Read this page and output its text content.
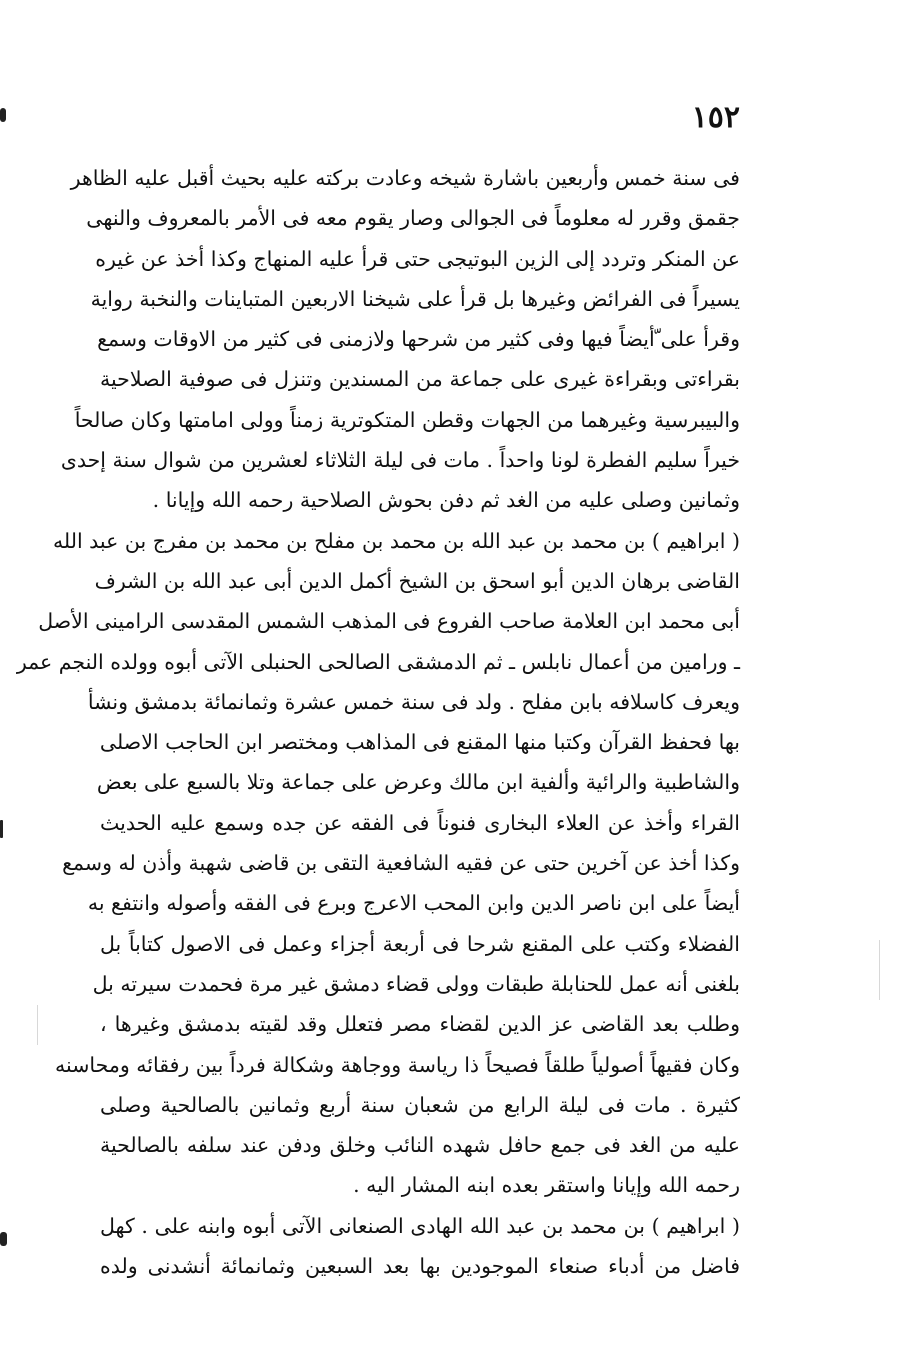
١٥٢
فى سنة خمس وأربعين باشارة شيخه وعادت بركته عليه بحيث أقبل عليه الظاهر
جقمق وقرر له معلوماً فى الجوالى وصار يقوم معه فى الأمر بالمعروف والنهى
عن المنكر وتردد إلى الزين البوتيجى حتى قرأ عليه المنهاج وكذا أخذ عن غيره
يسيراً فى الفرائض وغيرها بل قرأ على شيخنا الاربعين المتباينات والنخبة رواية
وقرأ على ّأيضاً فيها وفى كثير من شرحها ولازمنى فى كثير من الاوقات وسمع
بقراءتى وبقراءة غيرى على جماعة من المسندين وتنزل فى صوفية الصلاحية
والبيبرسية وغيرهما من الجهات وقطن المتكوترية زمناً وولى امامتها وكان صالحاً
خيراً سليم الفطرة لونا واحداً . مات فى ليلة الثلاثاء لعشرين من شوال سنة إحدى
وثمانين وصلى عليه من الغد ثم دفن بحوش الصلاحية رحمه الله وإيانا .
( ابراهيم ) بن محمد بن عبد الله بن محمد بن مفلح بن محمد بن مفرج بن عبد الله
القاضى برهان الدين أبو اسحق بن الشيخ أكمل الدين أبى عبد الله بن الشرف
أبى محمد ابن العلامة صاحب الفروع فى المذهب الشمس المقدسى الرامينى الأصل
ـ ورامين من أعمال نابلس ـ ثم الدمشقى الصالحى الحنبلى الآتى أبوه وولده النجم عمر
ويعرف كاسلافه بابن مفلح . ولد فى سنة خمس عشرة وثمانمائة بدمشق ونشأ
بها فحفظ القرآن وكتبا منها المقنع فى المذاهب ومختصر ابن الحاجب الاصلى
والشاطبية والرائية وألفية ابن مالك وعرض على جماعة وتلا بالسبع على بعض
القراء وأخذ عن العلاء البخارى فنوناً فى الفقه عن جده وسمع عليه الحديث
وكذا أخذ عن آخرين حتى عن فقيه الشافعية التقى بن قاضى شهبة وأذن له وسمع
أيضاً على ابن ناصر الدين وابن المحب الاعرج وبرع فى الفقه وأصوله وانتفع به
الفضلاء وكتب على المقنع شرحا فى أربعة أجزاء وعمل فى الاصول كتاباً بل
بلغنى أنه عمل للحنابلة طبقات وولى قضاء دمشق غير مرة فحمدت سيرته بل
وطلب بعد القاضى عز الدين لقضاء مصر فتعلل وقد لقيته بدمشق وغيرها ،
وكان فقيهاً أصولياً طلقاً فصيحاً ذا رياسة ووجاهة وشكالة فرداً بين رفقائه ومحاسنه
كثيرة . مات فى ليلة الرابع من شعبان سنة أربع وثمانين بالصالحية وصلى
عليه من الغد فى جمع حافل شهده النائب وخلق ودفن عند سلفه بالصالحية
رحمه الله وإيانا واستقر بعده ابنه المشار اليه .
( ابراهيم ) بن محمد بن عبد الله الهادى الصنعانى الآتى أبوه وابنه على . كهل
فاضل من أدباء صنعاء الموجودين بها بعد السبعين وثمانمائة أنشدنى ولده
